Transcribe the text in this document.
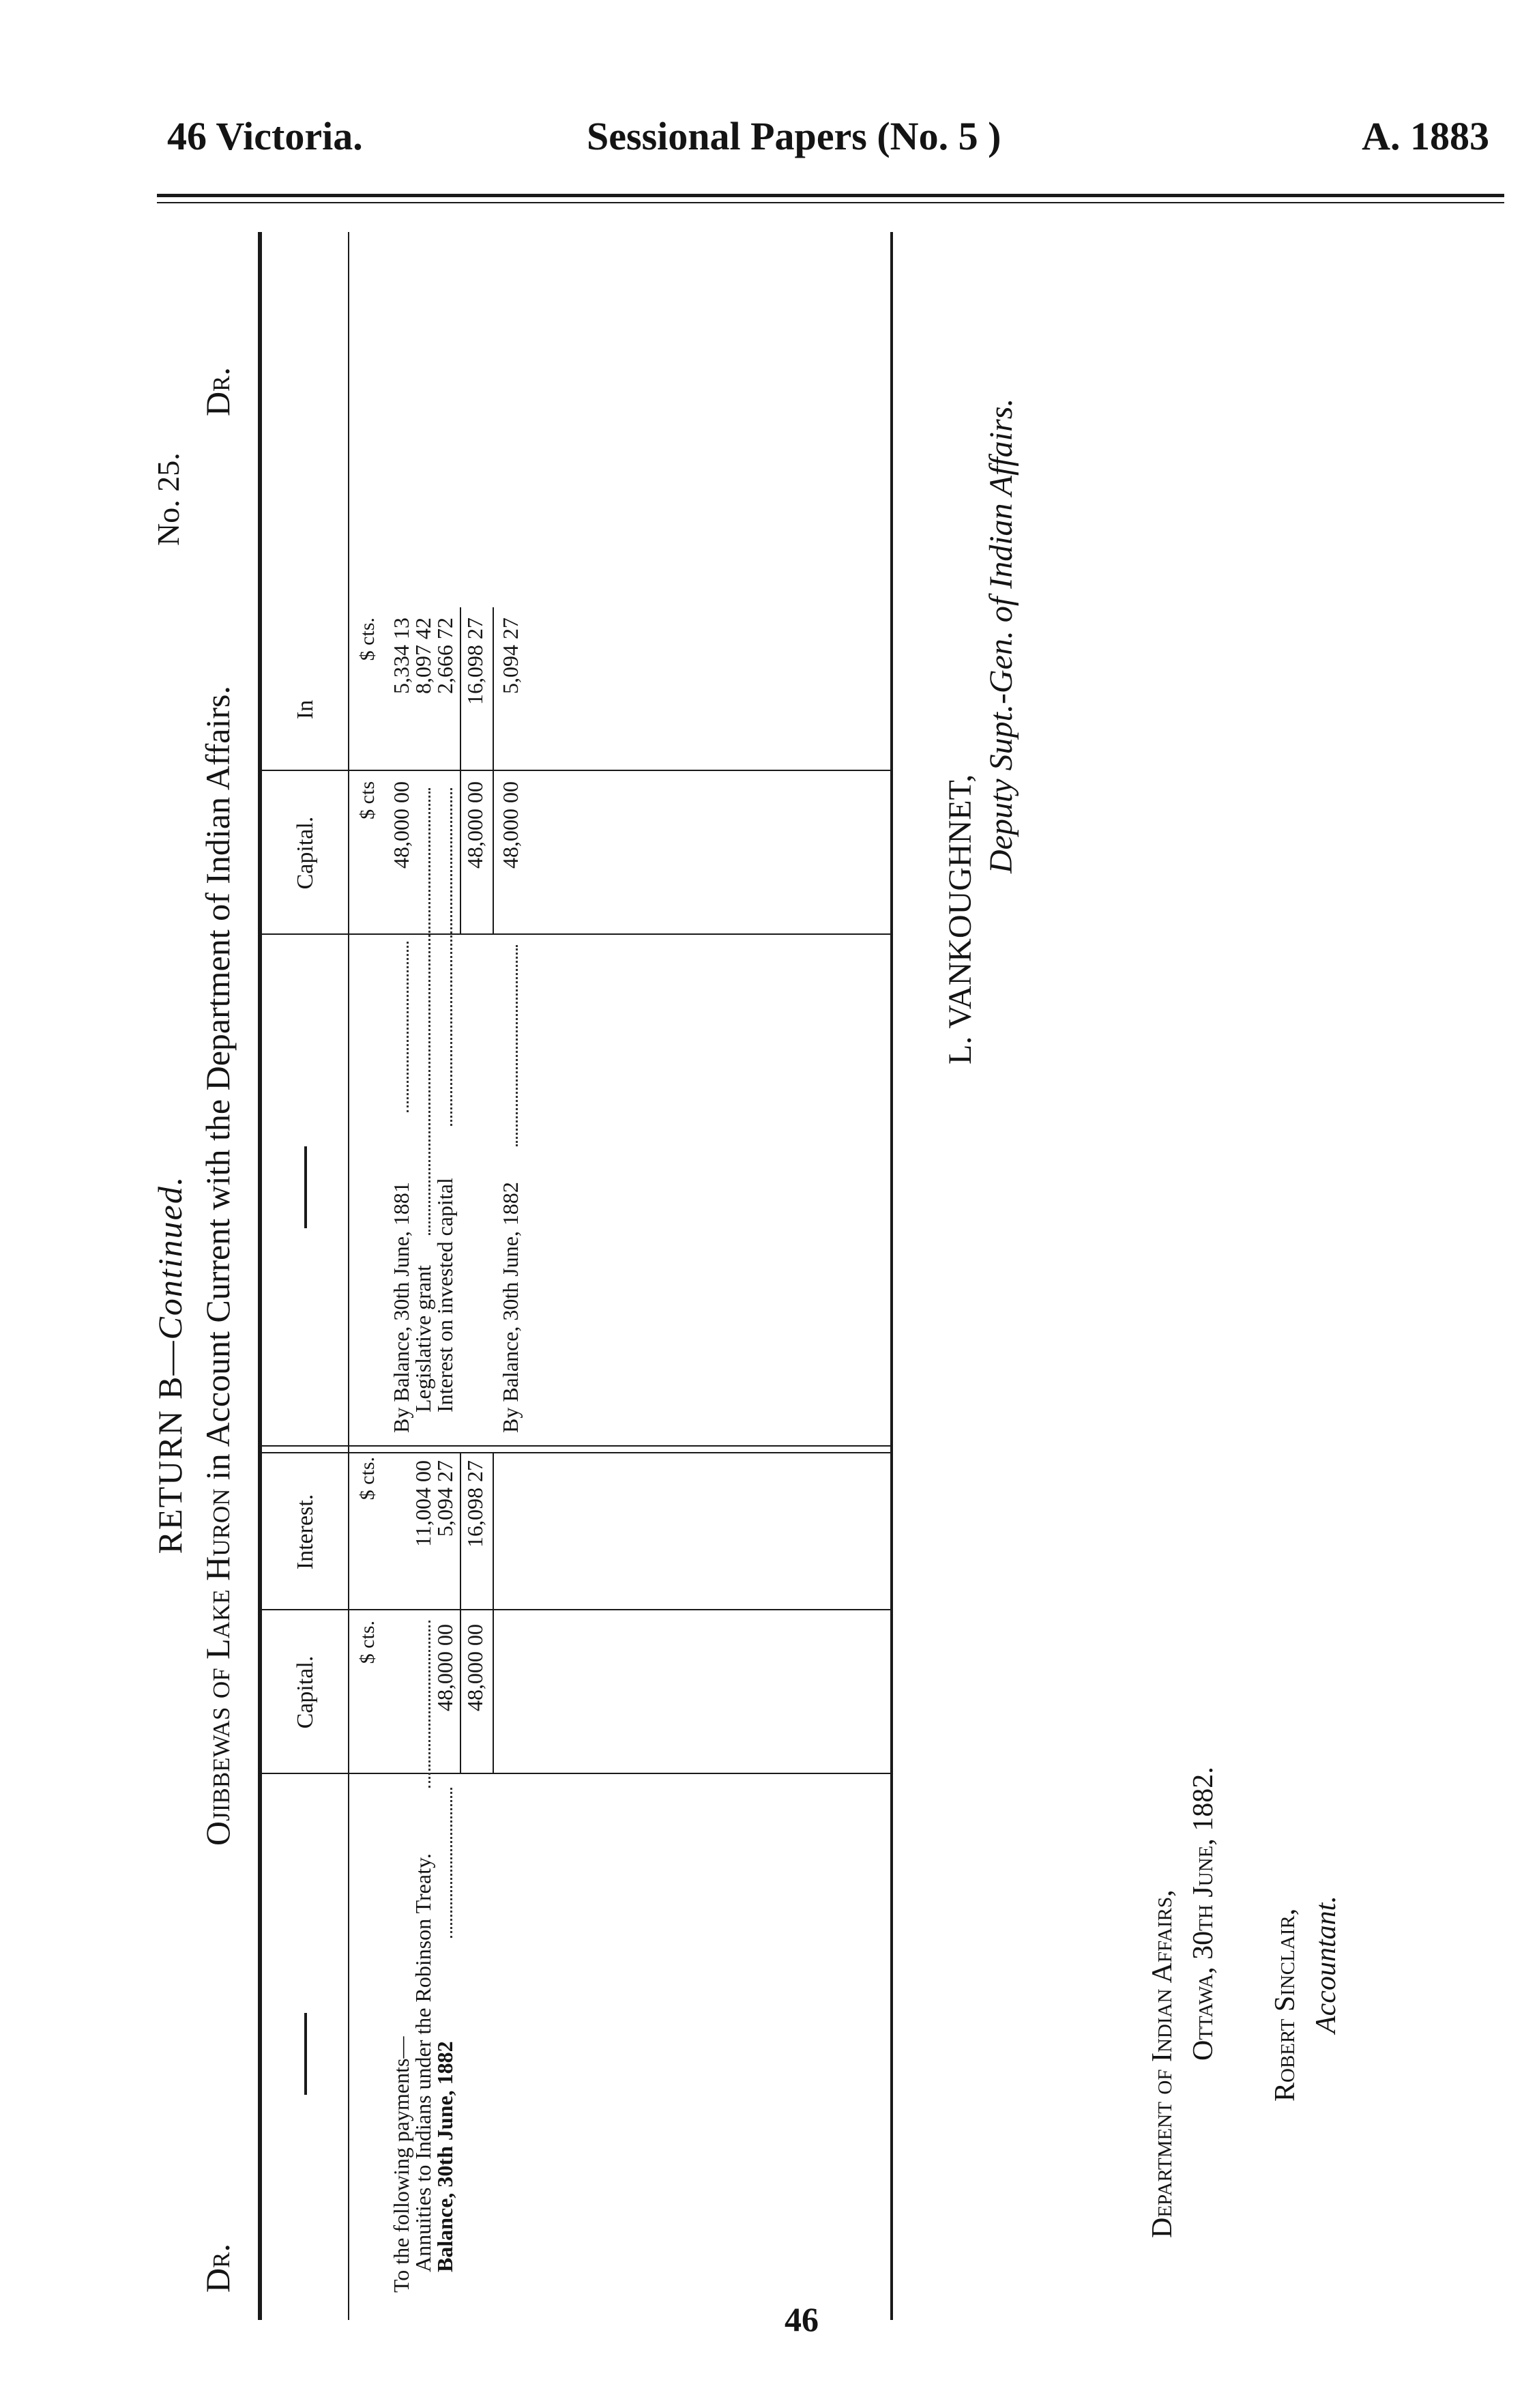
46 Victoria.	Sessional Papers (No. 5 )	A. 1883
RETURN B—Continued.
No. 25.
Dr.
Ojibbewas of Lake Huron in Account Current with the Department of Indian Affairs.
Dr.
Capital.
Interest.
Capital.
In
$ cts.
$ cts.
$ cts
$ cts.
To the following payments—
Annuities to Indians under the Robinson Treaty.
11,004 00
Balance, 30th June, 1882
48,000 00
5,094 27
48,000 00
16,098 27
By Balance, 30th June, 1881
48,000 00
5,334 13
Legislative grant
8,097 42
Interest on invested capital
2,666 72
48,000 00
16,098 27
By Balance, 30th June, 1882
48,000 00
5,094 27
L. VANKOUGHNET,
Deputy Supt.-Gen. of Indian Affairs.
Department of Indian Affairs, Ottawa, 30th June, 1882. Robert Sinclair, Accountant.
46
